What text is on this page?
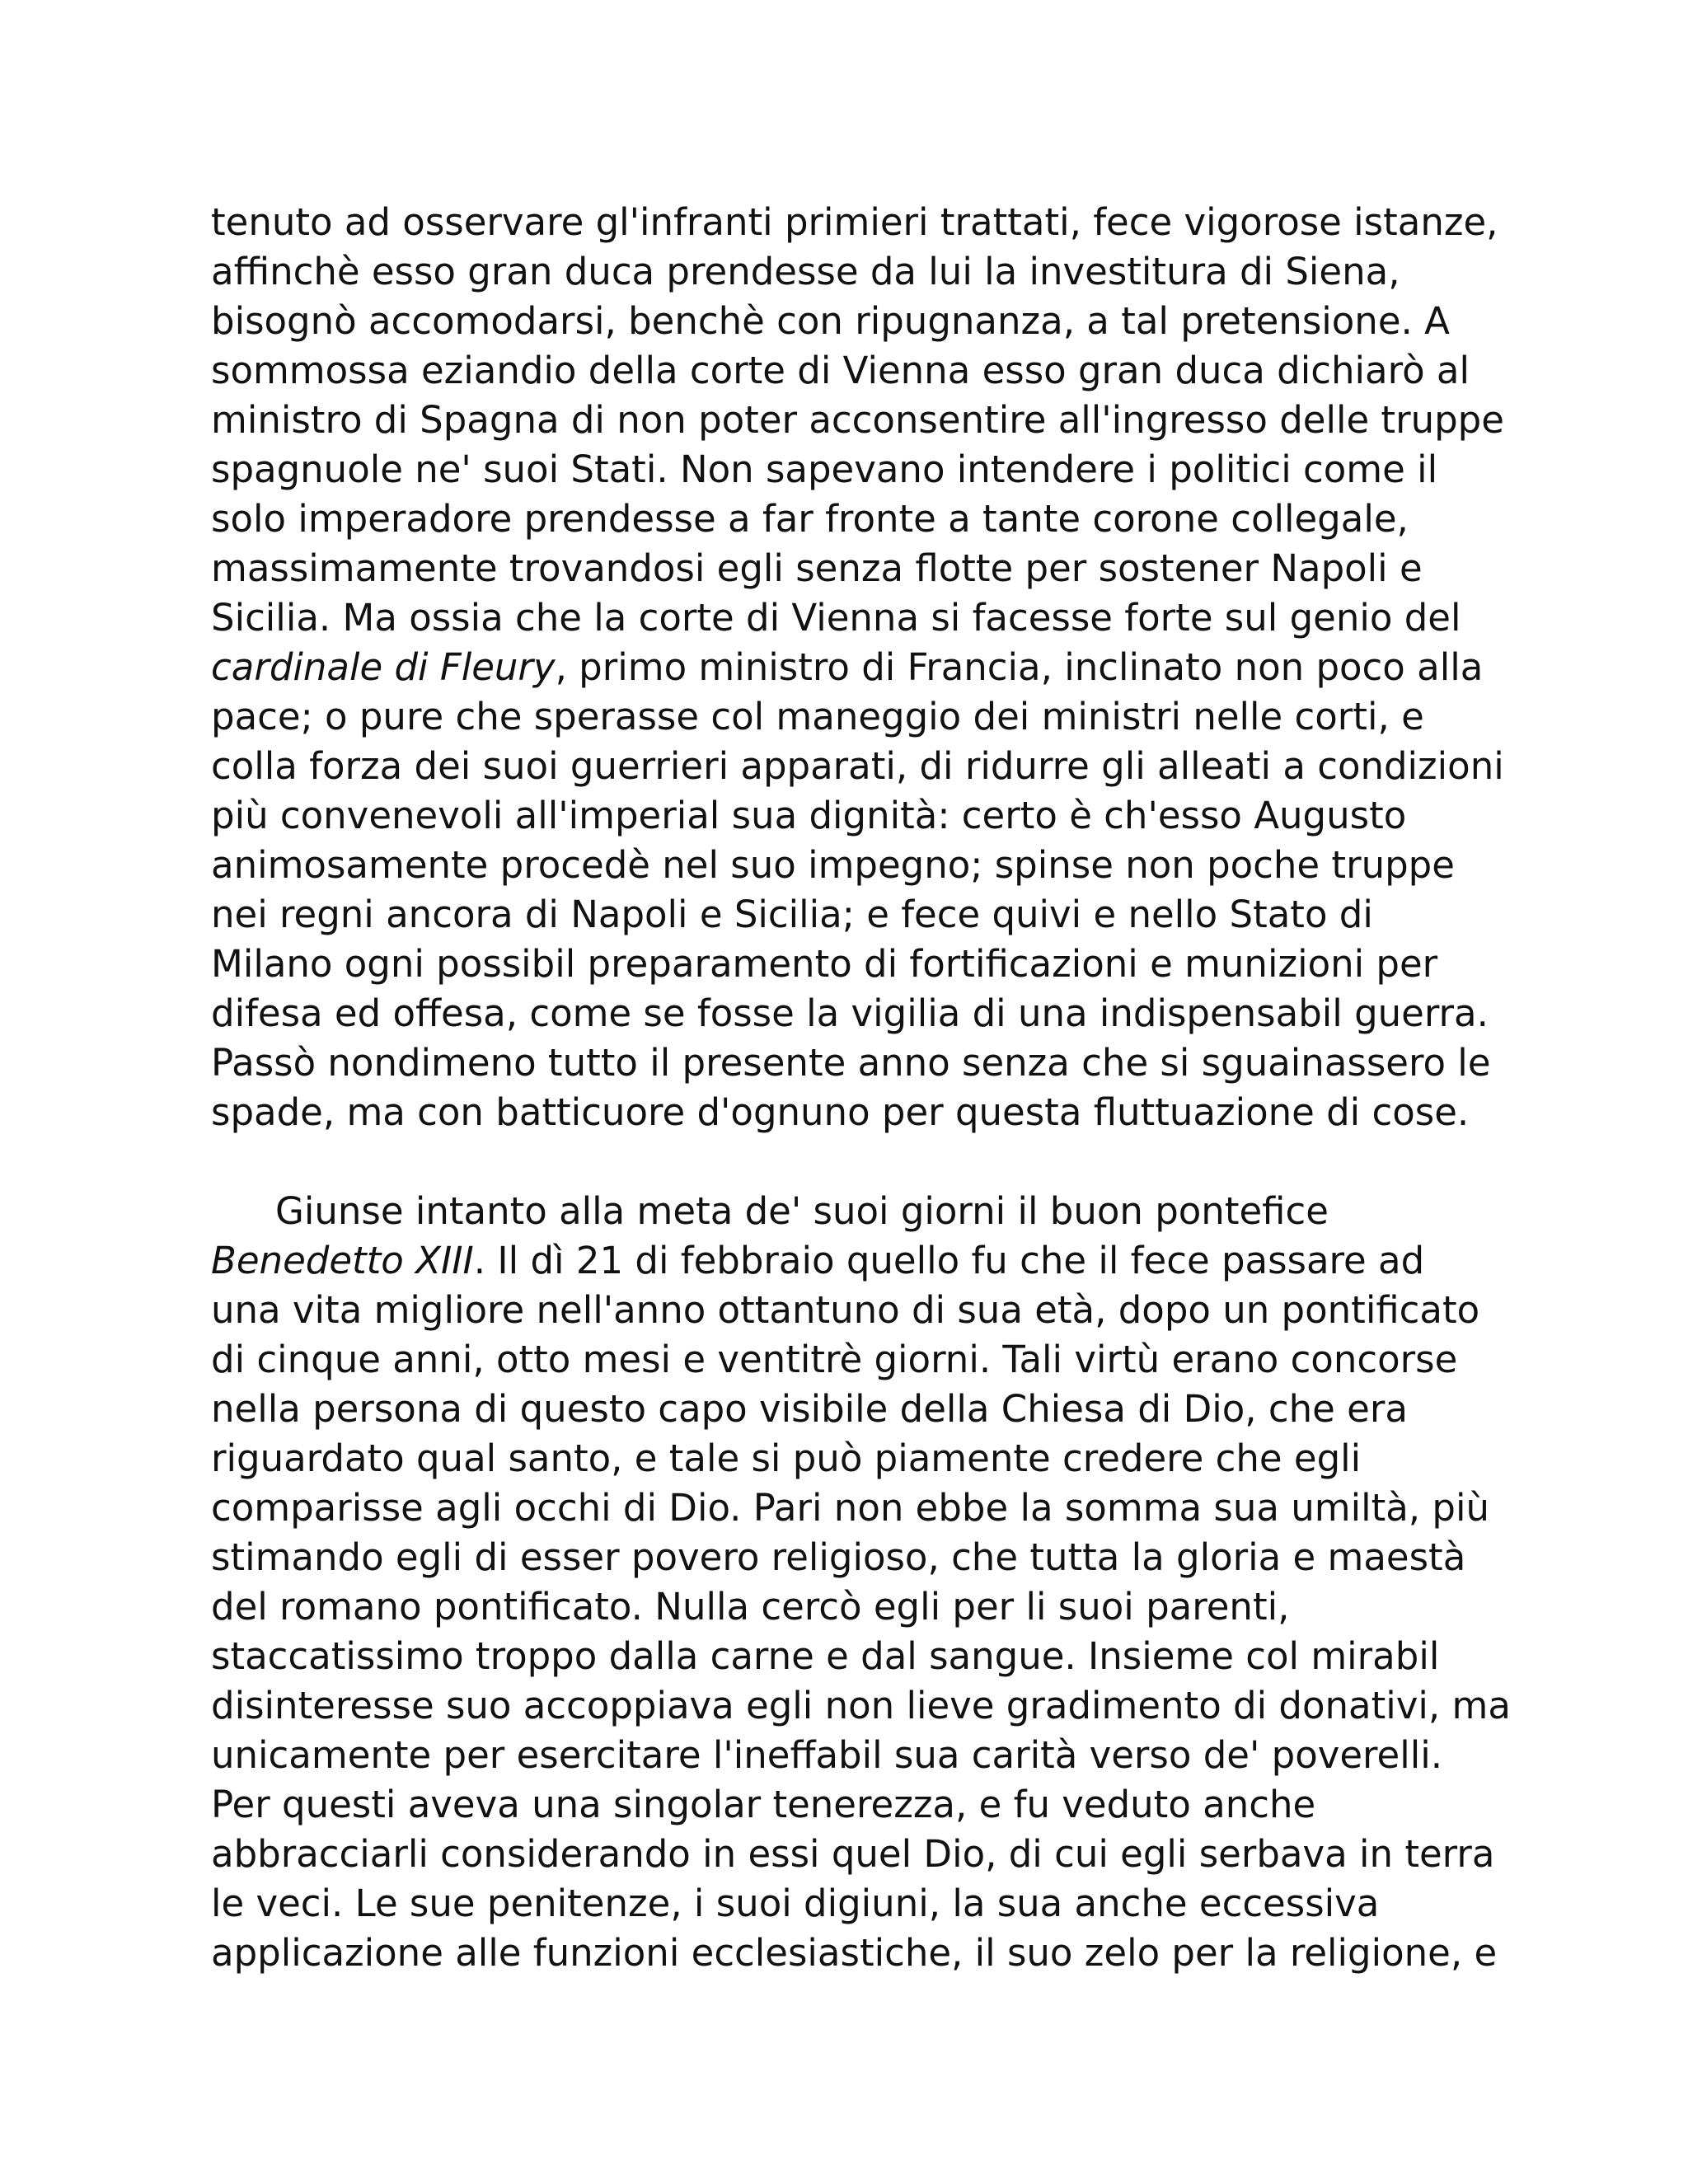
tenuto ad osservare gl'infranti primieri trattati, fece vigorose istanze,
affinchè esso gran duca prendesse da lui la investitura di Siena,
bisognò accomodarsi, benchè con ripugnanza, a tal pretensione. A
sommossa eziandio della corte di Vienna esso gran duca dichiarò al
ministro di Spagna di non poter acconsentire all'ingresso delle truppe
spagnuole ne' suoi Stati. Non sapevano intendere i politici come il
solo imperadore prendesse a far fronte a tante corone collegale,
massimamente trovandosi egli senza flotte per sostener Napoli e
Sicilia. Ma ossia che la corte di Vienna si facesse forte sul genio del
cardinale di Fleury, primo ministro di Francia, inclinato non poco alla
pace; o pure che sperasse col maneggio dei ministri nelle corti, e
colla forza dei suoi guerrieri apparati, di ridurre gli alleati a condizioni
più convenevoli all'imperial sua dignità: certo è ch'esso Augusto
animosamente procedè nel suo impegno; spinse non poche truppe
nei regni ancora di Napoli e Sicilia; e fece quivi e nello Stato di
Milano ogni possibil preparamento di fortificazioni e munizioni per
difesa ed offesa, come se fosse la vigilia di una indispensabil guerra.
Passò nondimeno tutto il presente anno senza che si sguainassero le
spade, ma con batticuore d'ognuno per questa fluttuazione di cose.
Giunse intanto alla meta de' suoi giorni il buon pontefice
Benedetto XIII. Il dì 21 di febbraio quello fu che il fece passare ad
una vita migliore nell'anno ottantuno di sua età, dopo un pontificato
di cinque anni, otto mesi e ventitrè giorni. Tali virtù erano concorse
nella persona di questo capo visibile della Chiesa di Dio, che era
riguardato qual santo, e tale si può piamente credere che egli
comparisse agli occhi di Dio. Pari non ebbe la somma sua umiltà, più
stimando egli di esser povero religioso, che tutta la gloria e maestà
del romano pontificato. Nulla cercò egli per li suoi parenti,
staccatissimo troppo dalla carne e dal sangue. Insieme col mirabil
disinteresse suo accoppiava egli non lieve gradimento di donativi, ma
unicamente per esercitare l'ineffabil sua carità verso de' poverelli.
Per questi aveva una singolar tenerezza, e fu veduto anche
abbracciarli considerando in essi quel Dio, di cui egli serbava in terra
le veci. Le sue penitenze, i suoi digiuni, la sua anche eccessiva
applicazione alle funzioni ecclesiastiche, il suo zelo per la religione, e
